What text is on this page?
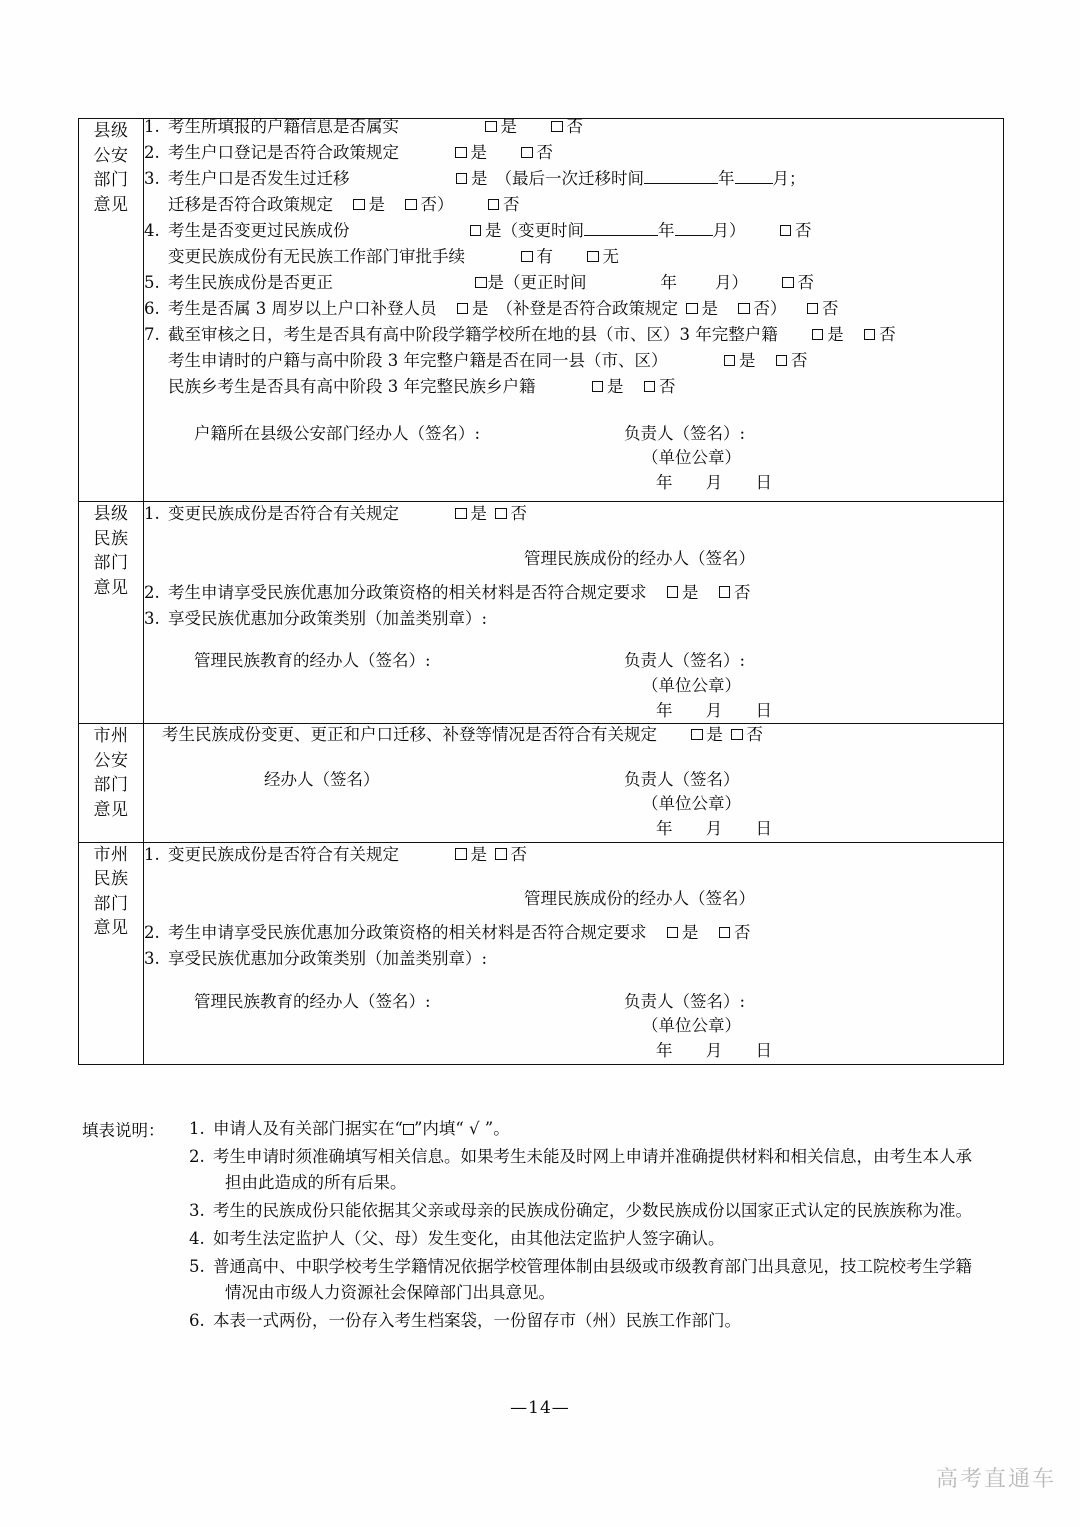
县级
公安
部门
意见

1. 考生所填报的户籍信息是否属实	是	否
2. 考生户口登记是否符合政策规定	是	否
3. 考生户口是否发生过迁移	是 （最后一次迁移时间	年 月；
迁移是否符合政策规定 是 否）	否
4. 考生是否变更过民族成份	是（变更时间	年 月）	否
变更民族成份有无民族工作部门审批手续	有	无
5. 考生民族成份是否更正	是（更正时间	年 月）	否
6. 考生是否属 3 周岁以上户口补登人员 是 （补登是否符合政策规定 是 否） 否
7. 截至审核之日，考生是否具有高中阶段学籍学校所在地的县（市、区）3 年完整户籍	是 否
考生申请时的户籍与高中阶段 3 年完整户籍是否在同一县（市、区）	是 否
民族乡考生是否具有高中阶段 3 年完整民族乡户籍	是 否
户籍所在县级公安部门经办人（签名）:	负责人（签名）:
（单位公章）
年 月 日

县级
民族
部门
意见

1. 变更民族成份是否符合有关规定	是 否
管理民族成份的经办人（签名）
2. 考生申请享受民族优惠加分政策资格的相关材料是否符合规定要求 是 否
3. 享受民族优惠加分政策类别（加盖类别章）:
管理民族教育的经办人（签名）:	负责人（签名）:
（单位公章）
年 月 日

市州
公安
部门
意见

考生民族成份变更、更正和户口迁移、补登等情况是否符合有关规定	是 否
经办人（签名）	负责人（签名）
（单位公章）
年 月 日

市州
民族
部门
意见

1. 变更民族成份是否符合有关规定	是 否
管理民族成份的经办人（签名）
2. 考生申请享受民族优惠加分政策资格的相关材料是否符合规定要求 是 否
3. 享受民族优惠加分政策类别（加盖类别章）:
管理民族教育的经办人（签名）:	负责人（签名）:
（单位公章）
年 月 日
填表说明： 1. 申请人及有关部门据实在“ ”内填“ √ ”。
2. 考生申请时须准确填写相关信息。如果考生未能及时网上申请并准确提供材料和相关信息，由考生本人承
担由此造成的所有后果。
3. 考生的民族成份只能依据其父亲或母亲的民族成份确定，少数民族成份以国家正式认定的民族族称为准。
4. 如考生法定监护人（父、母）发生变化，由其他法定监护人签字确认。
5. 普通高中、中职学校考生学籍情况依据学校管理体制由县级或市级教育部门出具意见，技工院校考生学籍
情况由市级人力资源社会保障部门出具意见。
6. 本表一式两份，一份存入考生档案袋，一份留存市（州）民族工作部门。
—14—
高考直通车
